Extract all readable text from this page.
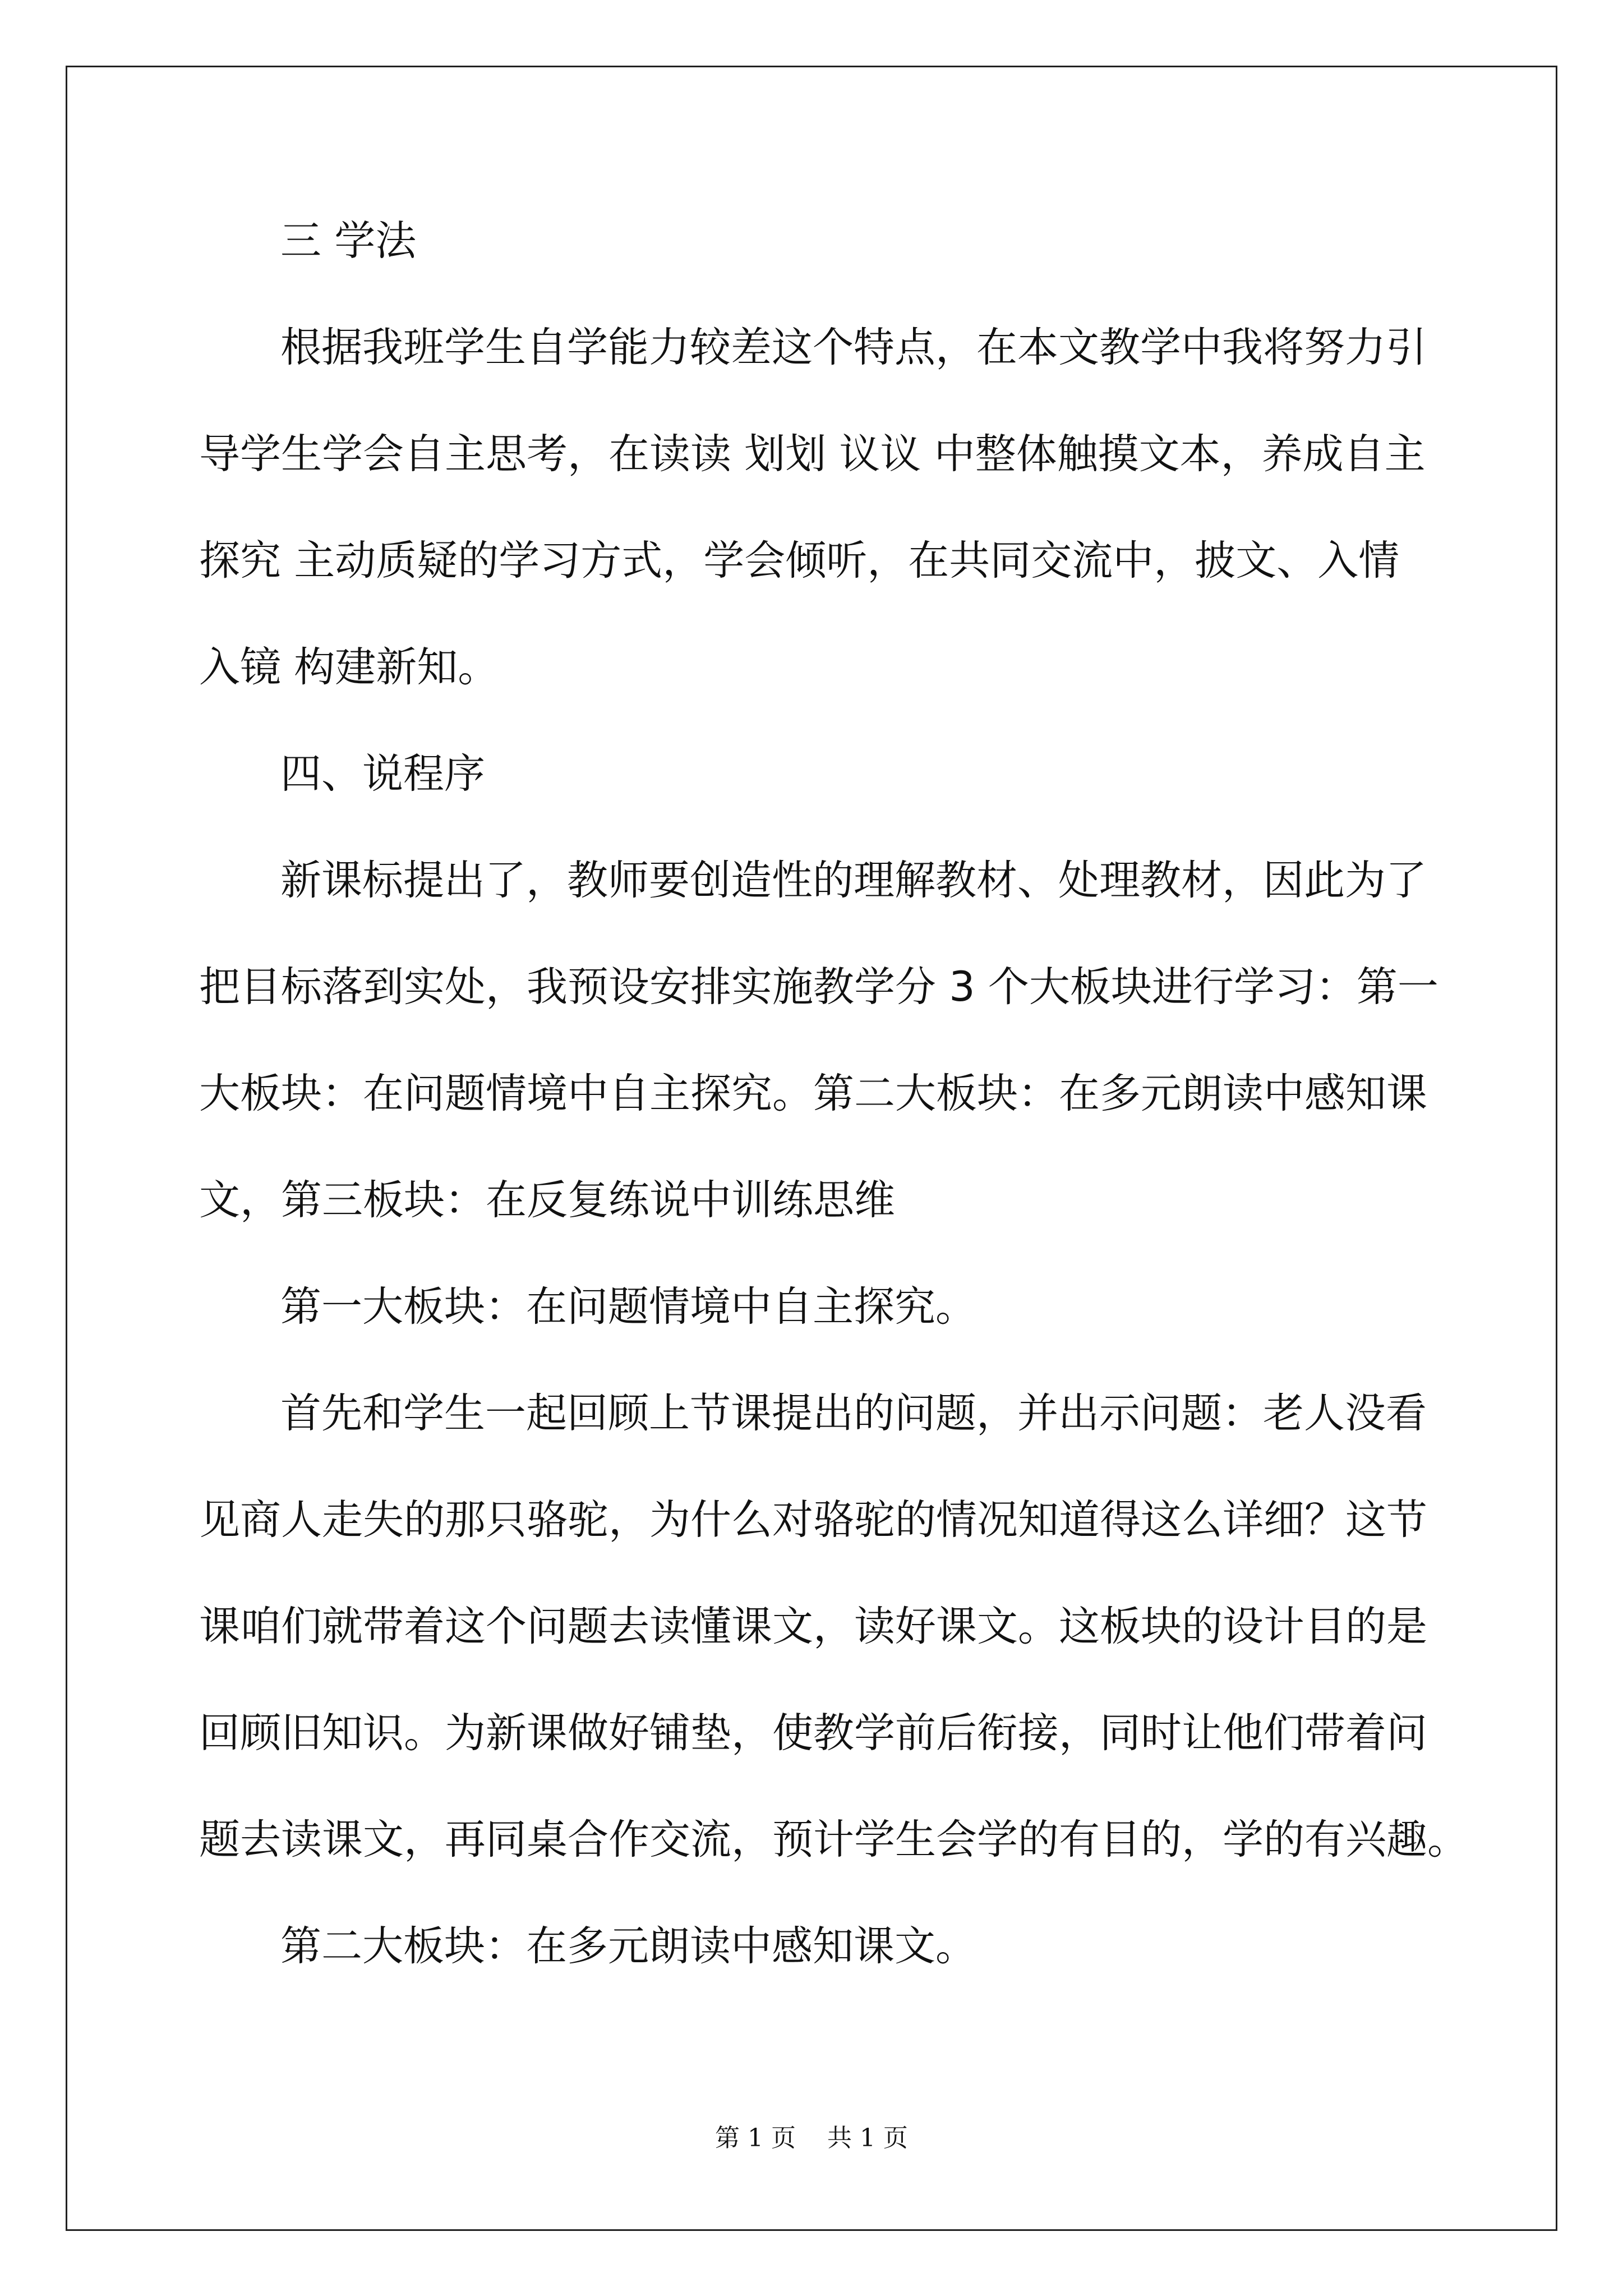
三 学法
根据我班学生自学能力较差这个特点，在本文教学中我将努力引
导学生学会自主思考，在读读 划划 议议 中整体触摸文本，养成自主
探究 主动质疑的学习方式，学会倾听，在共同交流中，披文、入情
入镜 构建新知。
四、说程序
新课标提出了，教师要创造性的理解教材、处理教材，因此为了
把目标落到实处，我预设安排实施教学分 3 个大板块进行学习：第一
大板块：在问题情境中自主探究。第二大板块：在多元朗读中感知课
文，第三板块：在反复练说中训练思维
第一大板块：在问题情境中自主探究。
首先和学生一起回顾上节课提出的问题，并出示问题：老人没看
见商人走失的那只骆驼，为什么对骆驼的情况知道得这么详细？这节
课咱们就带着这个问题去读懂课文，读好课文。这板块的设计目的是
回顾旧知识。为新课做好铺垫，使教学前后衔接，同时让他们带着问
题去读课文，再同桌合作交流，预计学生会学的有目的，学的有兴趣。
第二大板块：在多元朗读中感知课文。
第 1 页    共 1 页
